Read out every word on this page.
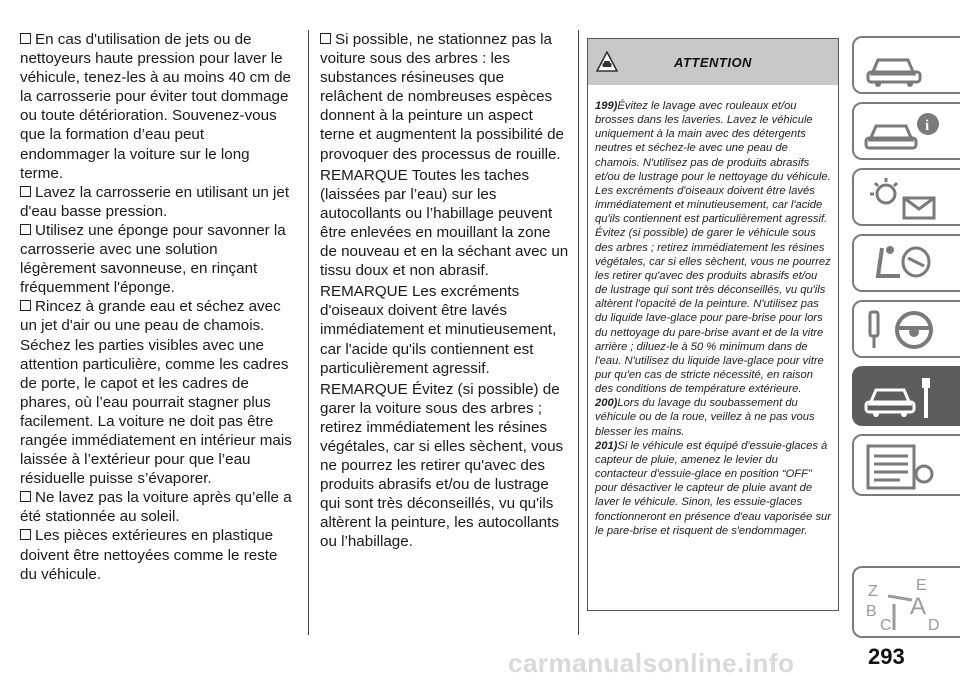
En cas d'utilisation de jets ou de nettoyeurs haute pression pour laver le véhicule, tenez-les à au moins 40 cm de la carrosserie pour éviter tout dommage ou toute détérioration. Souvenez-vous que la formation d’eau peut endommager la voiture sur le long terme.

Lavez la carrosserie en utilisant un jet d'eau basse pression.

Utilisez une éponge pour savonner la carrosserie avec une solution légèrement savonneuse, en rinçant fréquemment l'éponge.

Rincez à grande eau et séchez avec un jet d'air ou une peau de chamois. Séchez les parties visibles avec une attention particulière, comme les cadres de porte, le capot et les cadres de phares, où l’eau pourrait stagner plus facilement. La voiture ne doit pas être rangée immédiatement en intérieur mais laissée à l’extérieur pour que l’eau résiduelle puisse s’évaporer.

Ne lavez pas la voiture après qu’elle a été stationnée au soleil.

Les pièces extérieures en plastique doivent être nettoyées comme le reste du véhicule.

Si possible, ne stationnez pas la voiture sous des arbres : les substances résineuses que relâchent de nombreuses espèces donnent à la peinture un aspect terne et augmentent la possibilité de provoquer des processus de rouille.

REMARQUE Toutes les taches (laissées par l’eau) sur les autocollants ou l’habillage peuvent être enlevées en mouillant la zone de nouveau et en la séchant avec un tissu doux et non abrasif.

REMARQUE Les excréments d'oiseaux doivent être lavés immédiatement et minutieusement, car l'acide qu'ils contiennent est particulièrement agressif.

REMARQUE Évitez (si possible) de garer la voiture sous des arbres ; retirez immédiatement les résines végétales, car si elles sèchent, vous ne pourrez les retirer qu'avec des produits abrasifs et/ou de lustrage qui sont très déconseillés, vu qu'ils altèrent la peinture, les autocollants ou l’habillage.

ATTENTION

199)Évitez le lavage avec rouleaux et/ou brosses dans les laveries. Lavez le véhicule uniquement à la main avec des détergents neutres et séchez-le avec une peau de chamois. N'utilisez pas de produits abrasifs et/ou de lustrage pour le nettoyage du véhicule. Les excréments d'oiseaux doivent être lavés immédiatement et minutieusement, car l'acide qu'ils contiennent est particulièrement agressif. Évitez (si possible) de garer le véhicule sous des arbres ; retirez immédiatement les résines végétales, car si elles sèchent, vous ne pourrez les retirer qu'avec des produits abrasifs et/ou de lustrage qui sont très déconseillés, vu qu'ils altèrent l'opacité de la peinture. N'utilisez pas du liquide lave-glace pour pare-brise pour lors du nettoyage du pare-brise avant et de la vitre arrière ; diluez-le à 50 % minimum dans de l'eau. N'utilisez du liquide lave-glace pour vitre pur qu'en cas de stricte nécessité, en raison des conditions de température extérieure.

200)Lors du lavage du soubassement du véhicule ou de la roue, veillez à ne pas vous blesser les mains.

201)Si le véhicule est équipé d'essuie-glaces à capteur de pluie, amenez le levier du contacteur d'essuie-glace en position “OFF” pour désactiver le capteur de pluie avant de laver le véhicule. Sinon, les essuie-glaces fonctionneront en présence d'eau vaporisée sur le pare-brise et risquent de s'endommager.

i
Z E
B A
C D
carmanualsonline.info	293
